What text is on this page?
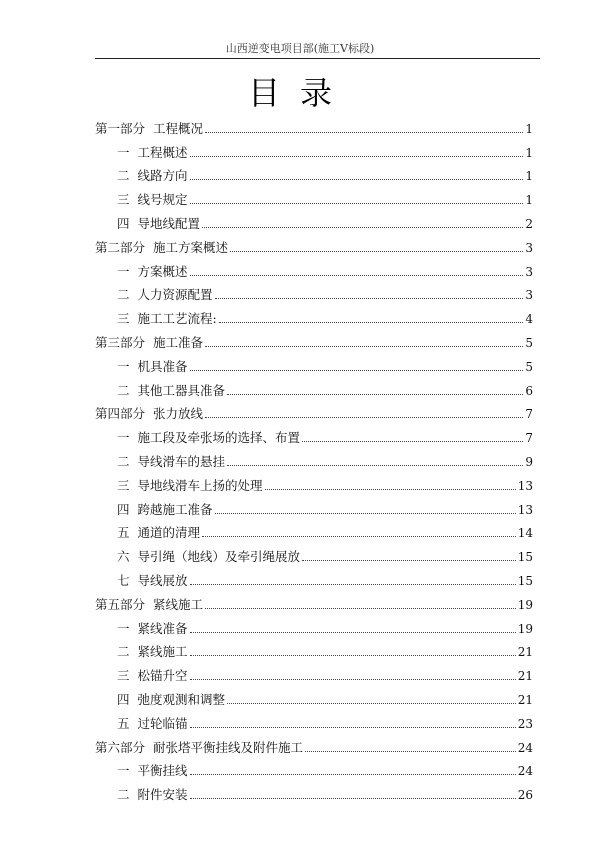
山西逆变电项目部(施工Ⅴ标段)
目录
第一部分 工程概况	1
一 工程概述	1
二 线路方向	1
三 线号规定	1
四 导地线配置	2
第二部分 施工方案概述	3
一 方案概述	3
二 人力资源配置	3
三 施工工艺流程:	4
第三部分 施工准备	5
一 机具准备	5
二 其他工器具准备	6
第四部分 张力放线	7
一 施工段及牵张场的选择、布置	7
二 导线滑车的悬挂	9
三 导地线滑车上扬的处理	13
四 跨越施工准备	13
五 通道的清理	14
六 导引绳（地线）及牵引绳展放	15
七 导线展放	15
第五部分 紧线施工	19
一 紧线准备	19
二 紧线施工	21
三 松锚升空	21
四 弛度观测和调整	21
五 过轮临锚	23
第六部分 耐张塔平衡挂线及附件施工	24
一 平衡挂线	24
二 附件安装	26
